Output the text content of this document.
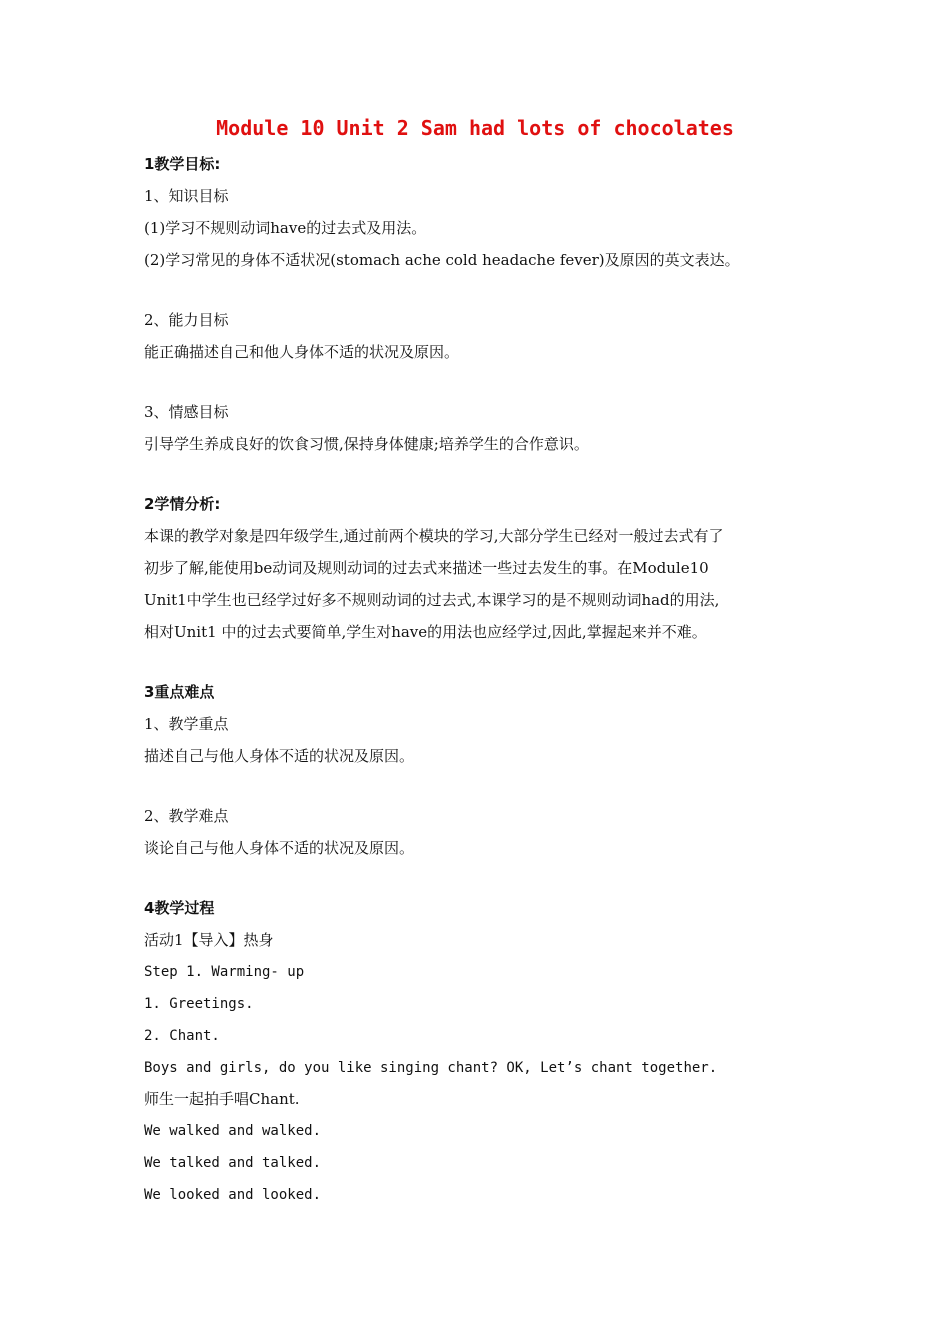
Module 10 Unit 2 Sam had lots of chocolates
1教学目标:
1、知识目标
(1)学习不规则动词have的过去式及用法。
(2)学习常见的身体不适状况(stomach ache cold headache fever)及原因的英文表达。
2、能力目标
能正确描述自己和他人身体不适的状况及原因。
3、情感目标
引导学生养成良好的饮食习惯,保持身体健康;培养学生的合作意识。
2学情分析:
本课的教学对象是四年级学生,通过前两个模块的学习,大部分学生已经对一般过去式有了
初步了解,能使用be动词及规则动词的过去式来描述一些过去发生的事。在Module10
Unit1中学生也已经学过好多不规则动词的过去式,本课学习的是不规则动词had的用法,
相对Unit1 中的过去式要简单,学生对have的用法也应经学过,因此,掌握起来并不难。
3重点难点
1、教学重点
描述自己与他人身体不适的状况及原因。
2、教学难点
谈论自己与他人身体不适的状况及原因。
4教学过程
活动1【导入】热身
Step 1. Warming- up
1. Greetings.
2. Chant.
Boys and girls, do you like singing chant? OK, Let’s chant together.
师生一起拍手唱Chant.
We walked and walked.
We talked and talked.
We looked and looked.
